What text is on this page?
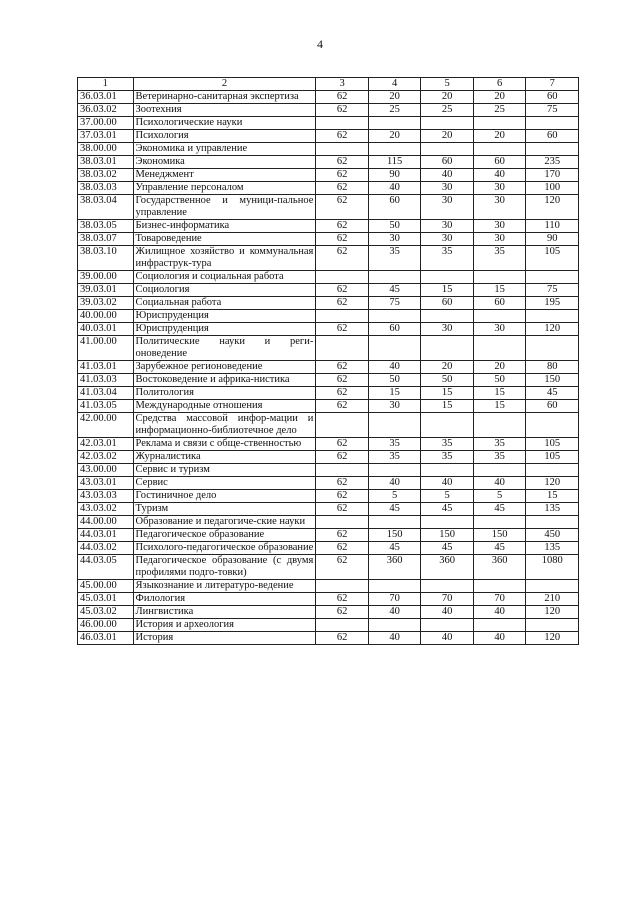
4
1	2	3	4	5	6	7
36.03.01	Ветеринарно-санитарная экспертиза	62	20	20	20	60
36.03.02	Зоотехния	62	25	25	25	75
37.00.00	Психологические науки					
37.03.01	Психология	62	20	20	20	60
38.00.00	Экономика и управление					
38.03.01	Экономика	62	115	60	60	235
38.03.02	Менеджмент	62	90	40	40	170
38.03.03	Управление персоналом	62	40	30	30	100
38.03.04	Государственное и муници-пальное управление	62	60	30	30	120
38.03.05	Бизнес-информатика	62	50	30	30	110
38.03.07	Товароведение	62	30	30	30	90
38.03.10	Жилищное хозяйство и коммунальная инфраструк-тура	62	35	35	35	105
39.00.00	Социология и социальная работа					
39.03.01	Социология	62	45	15	15	75
39.03.02	Социальная работа	62	75	60	60	195
40.00.00	Юриспруденция					
40.03.01	Юриспруденция	62	60	30	30	120
41.00.00	Политические науки и реги-оноведение					
41.03.01	Зарубежное регионоведение	62	40	20	20	80
41.03.03	Востоковедение и африка-нистика	62	50	50	50	150
41.03.04	Политология	62	15	15	15	45
41.03.05	Международные отношения	62	30	15	15	60
42.00.00	Средства массовой инфор-мации и информационно-библиотечное дело					
42.03.01	Реклама и связи с обще-ственностью	62	35	35	35	105
42.03.02	Журналистика	62	35	35	35	105
43.00.00	Сервис и туризм					
43.03.01	Сервис	62	40	40	40	120
43.03.03	Гостиничное дело	62	5	5	5	15
43.03.02	Туризм	62	45	45	45	135
44.00.00	Образование и педагогиче-ские науки					
44.03.01	Педагогическое образование	62	150	150	150	450
44.03.02	Психолого-педагогическое образование	62	45	45	45	135
44.03.05	Педагогическое образование (с двумя профилями подго-товки)	62	360	360	360	1080
45.00.00	Языкознание и литературо-ведение					
45.03.01	Филология	62	70	70	70	210
45.03.02	Лингвистика	62	40	40	40	120
46.00.00	История и археология					
46.03.01	История	62	40	40	40	120
